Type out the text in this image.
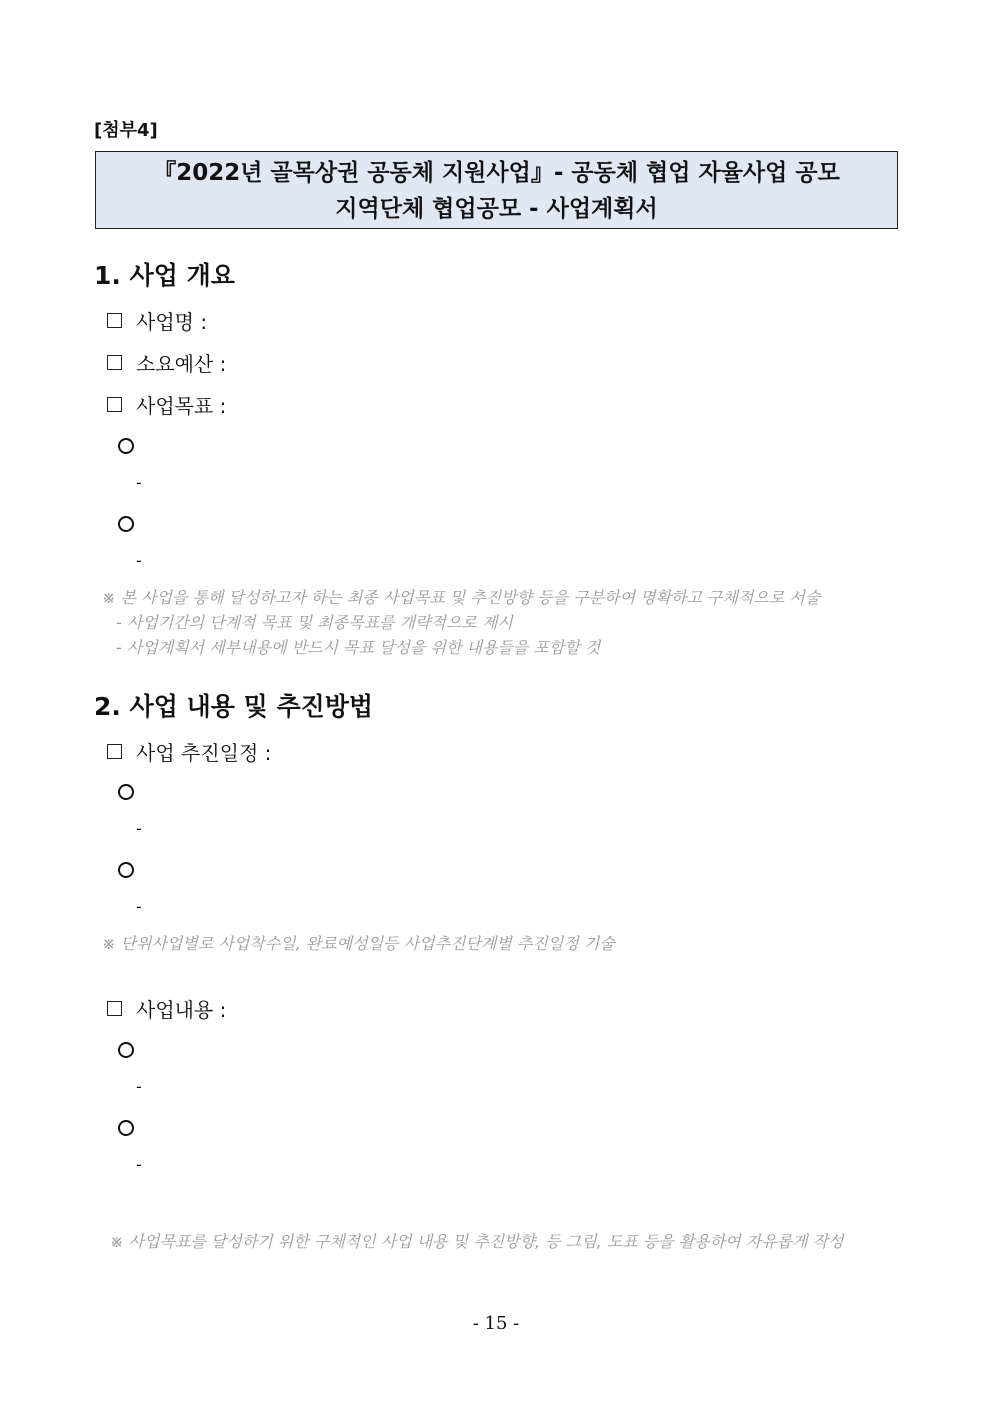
[첨부4]
『2022년 골목상권 공동체 지원사업』- 공동체 협업 자율사업 공모
지역단체 협업공모 - 사업계획서
1. 사업 개요
사업명 :
소요예산 :
사업목표 :
-
-
※ 본 사업을 통해 달성하고자 하는 최종 사업목표 및 추진방향 등을 구분하여 명확하고 구체적으로 서술
- 사업기간의 단계적 목표 및 최종목표를 개략적으로 제시
- 사업계획서 세부내용에 반드시 목표 달성을 위한 내용들을 포함할 것
2. 사업 내용 및 추진방법
사업 추진일정 :
-
-
※ 단위사업별로 사업착수일, 완료예성일등 사업추진단계별 추진일정 기술
사업내용 :
-
-
※ 사업목표를 달성하기 위한 구체적인 사업 내용 및 추진방향, 등 그림, 도표 등을 활용하여 자유롭게 작성
- 15 -
